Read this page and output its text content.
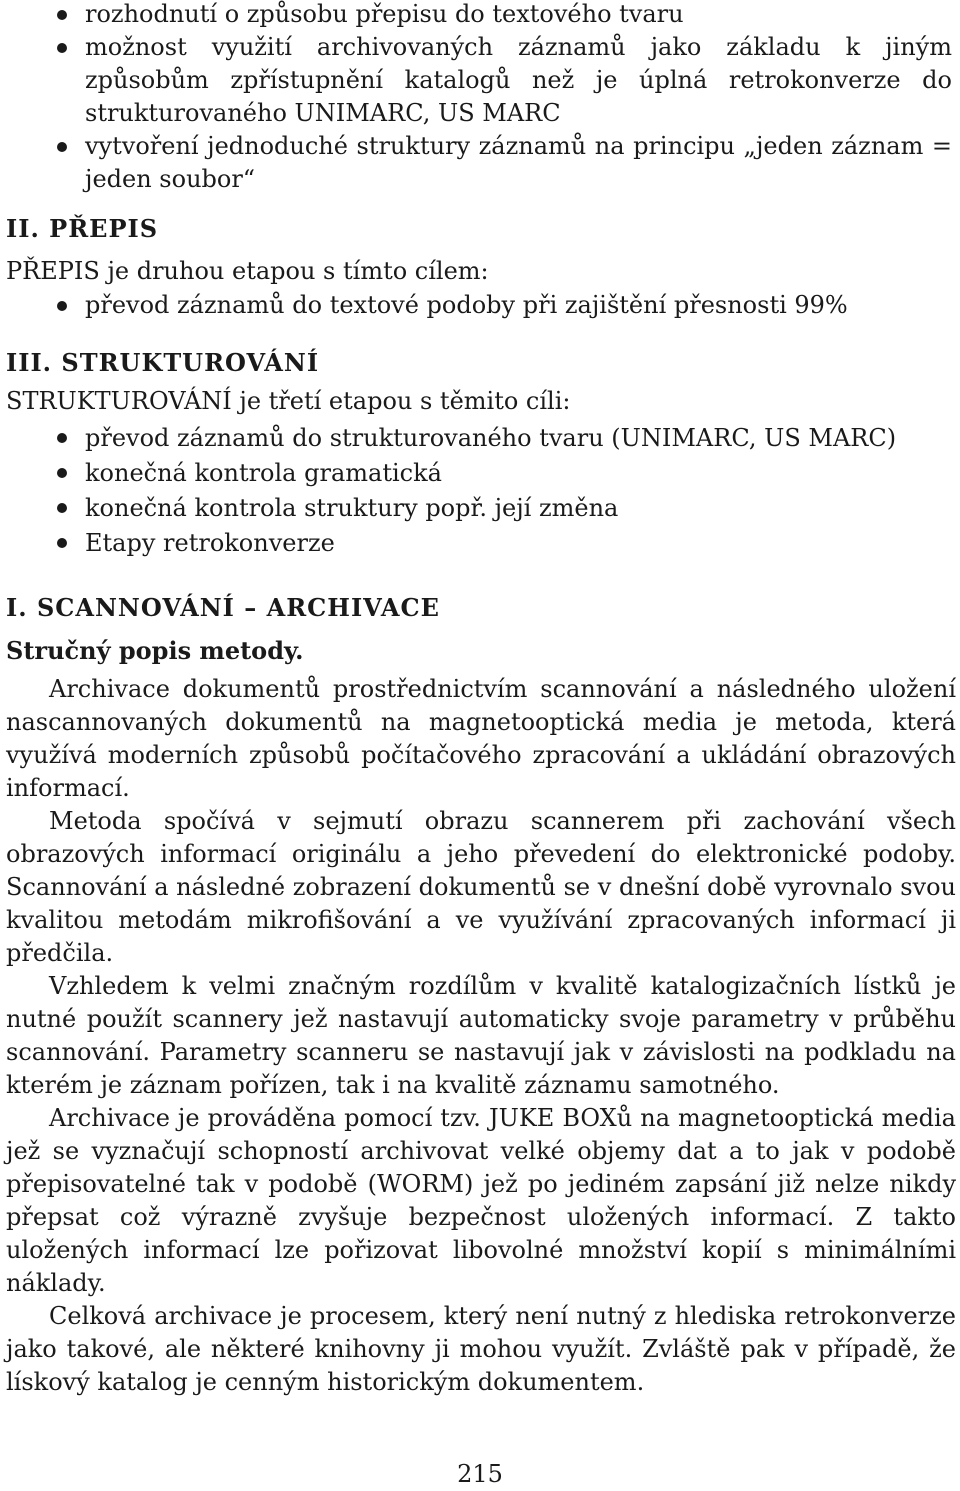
rozhodnutí o způsobu přepisu do textového tvaru
možnost využití archivovaných záznamů jako základu k jiným způsobům zpřístupnění katalogů než je úplná retrokonverze do strukturovaného UNIMARC, US MARC
vytvoření jednoduché struktury záznamů na principu „jeden záznam = jeden soubor“
II. PŘEPIS

PŘEPIS je druhou etapou s tímto cílem:

převod záznamů do textové podoby při zajištění přesnosti 99%
III. STRUKTUROVÁNÍ

STRUKTUROVÁNÍ je třetí etapou s těmito cíli:

převod záznamů do strukturovaného tvaru (UNIMARC, US MARC)
konečná kontrola gramatická
konečná kontrola struktury popř. její změna
Etapy retrokonverze
I. SCANNOVÁNÍ – ARCHIVACE
Stručný popis metody.

Archivace dokumentů prostřednictvím scannování a následného uložení nascannovaných dokumentů na magnetooptická media je metoda, která využívá moderních způsobů počítačového zpracování a ukládání obrazových informací.

Metoda spočívá v sejmutí obrazu scannerem při zachování všech obrazových informací originálu a jeho převedení do elektronické podoby. Scannování a následné zobrazení dokumentů se v dnešní době vyrovnalo svou kvalitou metodám mikrofišování a ve využívání zpracovaných informací ji předčila.

Vzhledem k velmi značným rozdílům v kvalitě katalogizačních lístků je nutné použít scannery jež nastavují automaticky svoje parametry v průběhu scannování. Parametry scanneru se nastavují jak v závislosti na podkladu na kterém je záznam pořízen, tak i na kvalitě záznamu samotného.

Archivace je prováděna pomocí tzv. JUKE BOXů na magnetooptická media jež se vyznačují schopností archivovat velké objemy dat a to jak v podobě přepisovatelné tak v podobě (WORM) jež po jediném zapsání již nelze nikdy přepsat což výrazně zvyšuje bezpečnost uložených informací. Z takto uložených informací lze pořizovat libovolné množství kopií s minimálními náklady.

Celková archivace je procesem, který není nutný z hlediska retrokonverze jako takové, ale některé knihovny ji mohou využít. Zvláště pak v případě, že lískový katalog je cenným historickým dokumentem.

215
